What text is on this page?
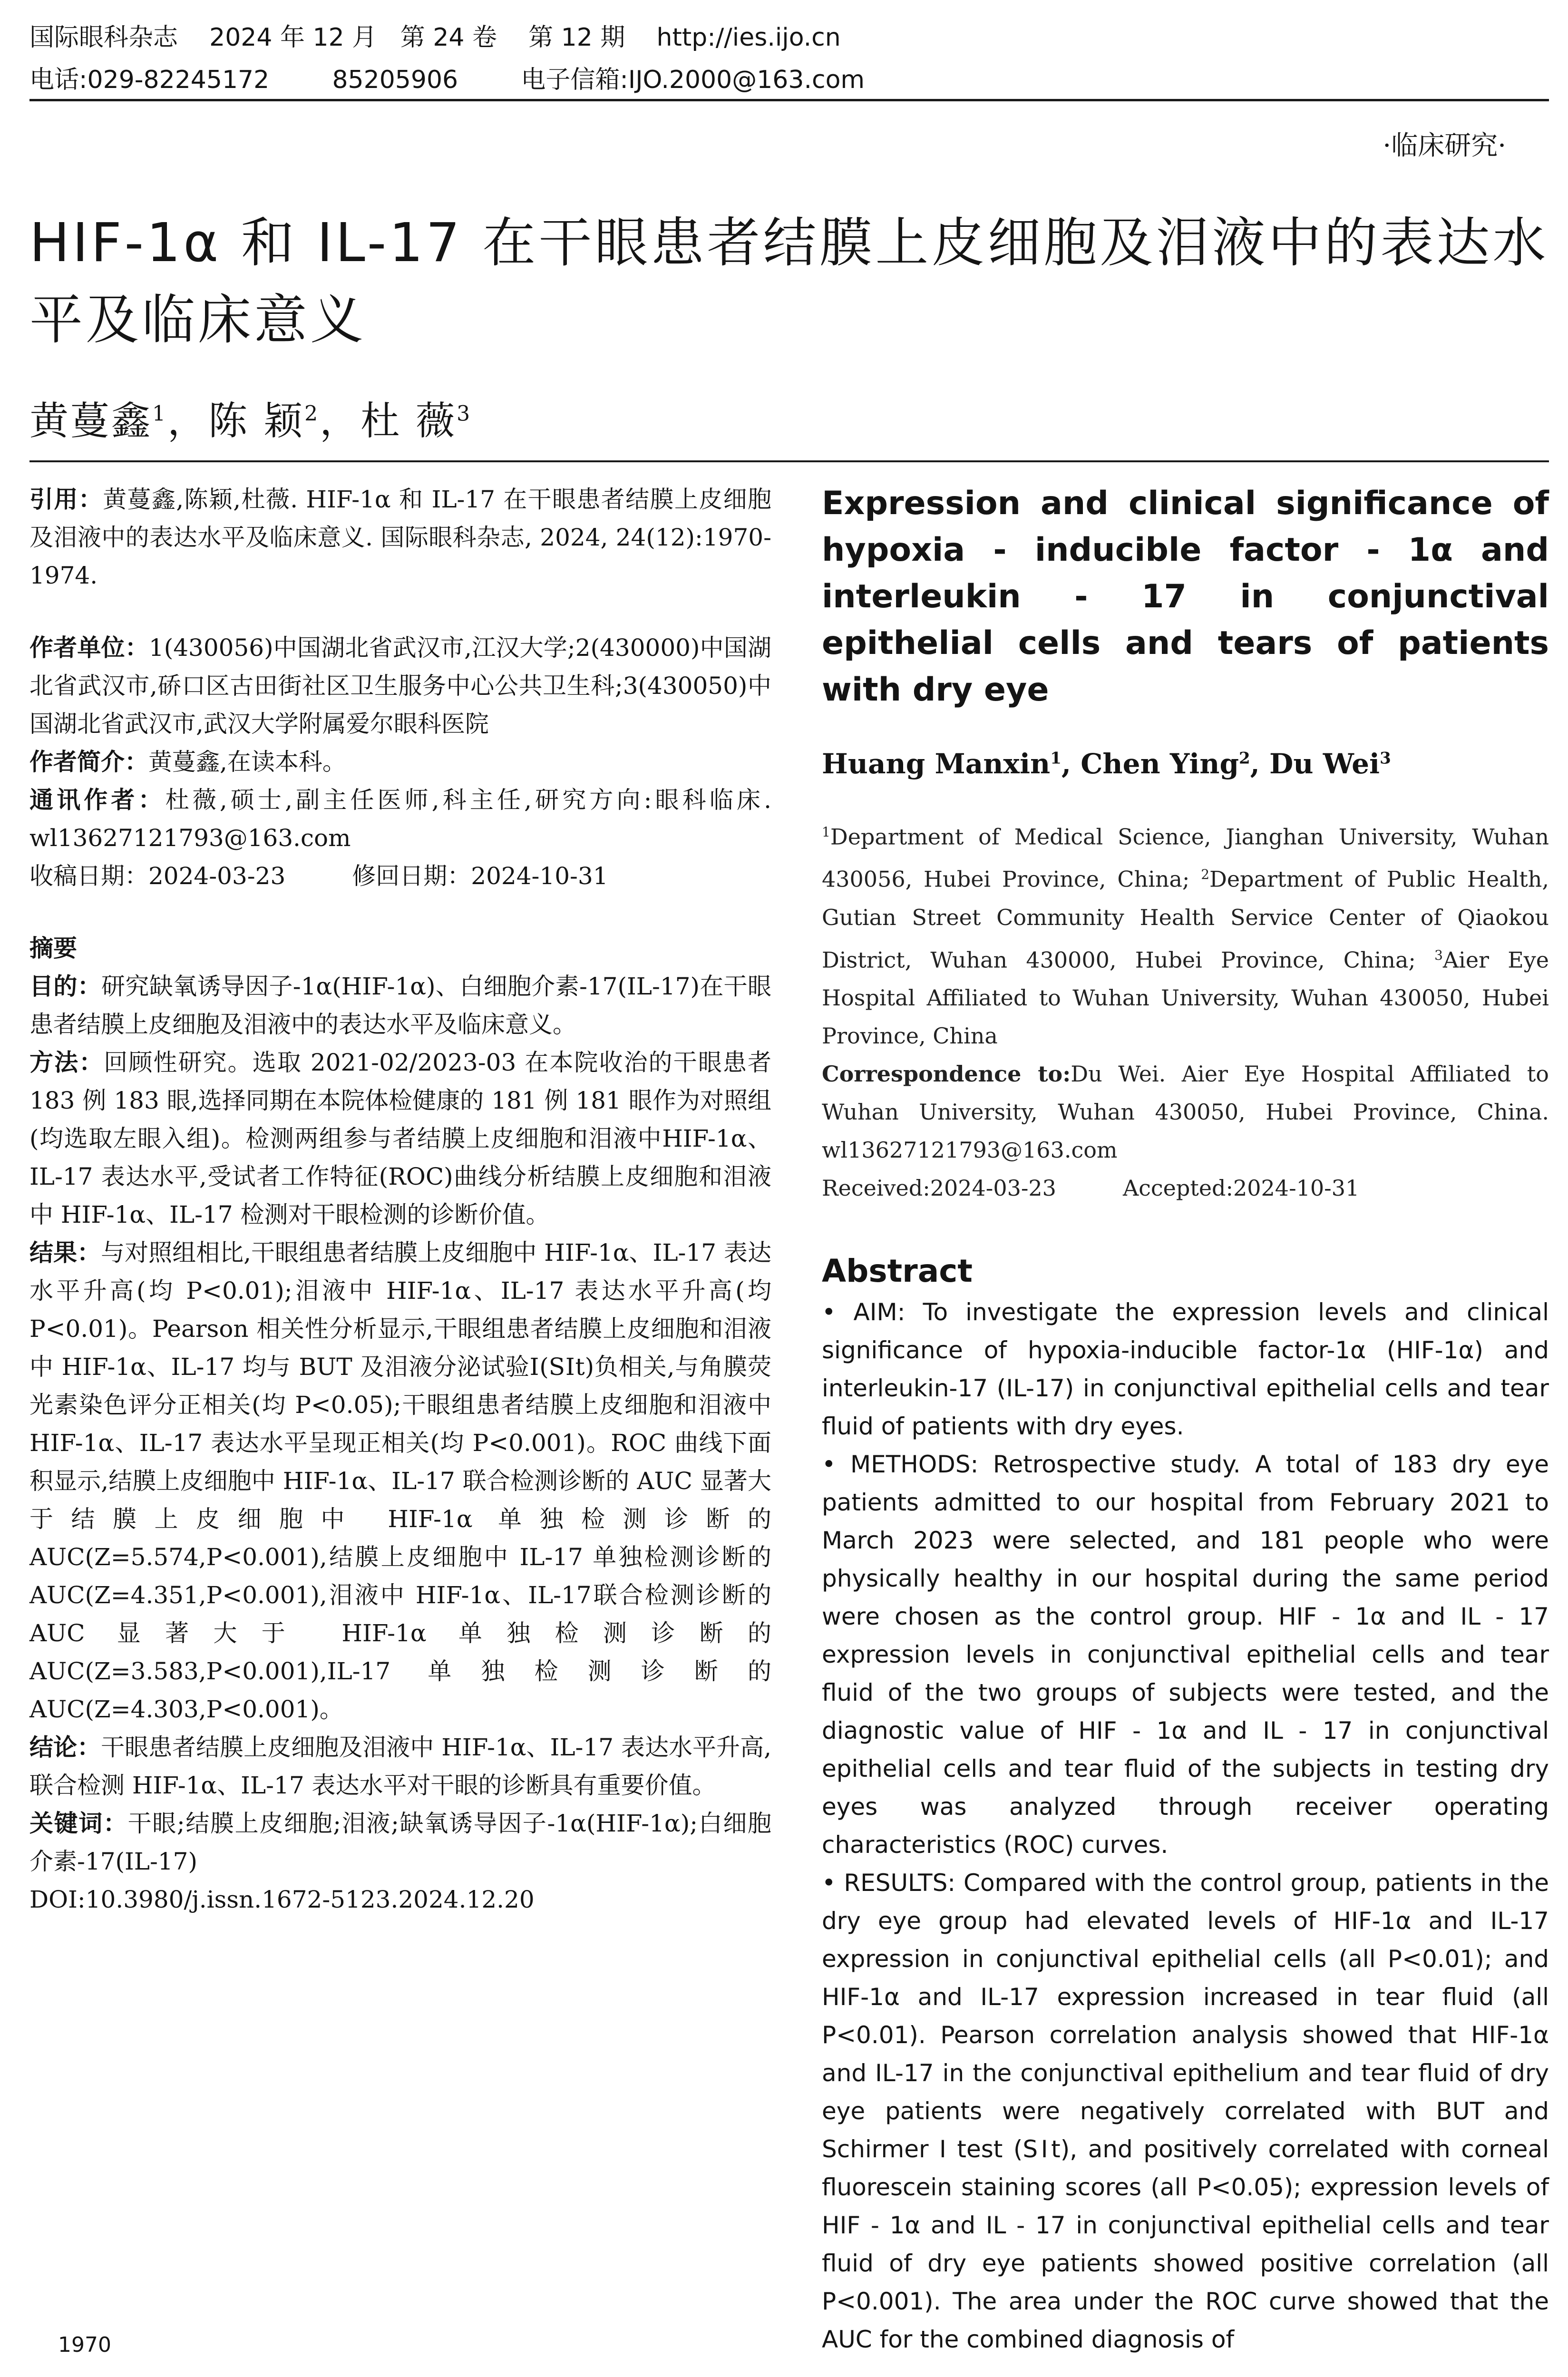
国际眼科杂志    2024 年 12 月   第 24 卷    第 12 期    http://ies.ijo.cn
电话:029-82245172        85205906        电子信箱:IJO.2000@163.com
·临床研究·
HIF-1α 和 IL-17 在干眼患者结膜上皮细胞及泪液中的表达水平及临床意义
黄蔓鑫$^1$，陈 颖$^2$，杜 薇$^3$

引用：黄蔓鑫,陈颖,杜薇. HIF-1α 和 IL-17 在干眼患者结膜上皮细胞及泪液中的表达水平及临床意义. 国际眼科杂志, 2024, 24(12):1970-1974.

作者单位：1(430056)中国湖北省武汉市,江汉大学;2(430000)中国湖北省武汉市,硚口区古田街社区卫生服务中心公共卫生科;3(430050)中国湖北省武汉市,武汉大学附属爱尔眼科医院

作者简介：黄蔓鑫,在读本科。

通讯作者：杜薇,硕士,副主任医师,科主任,研究方向:眼科临床. wl13627121793@163.com

收稿日期：2024-03-23	修回日期：2024-10-31

摘要

目的：研究缺氧诱导因子-1α(HIF-1α)、白细胞介素-17(IL-17)在干眼患者结膜上皮细胞及泪液中的表达水平及临床意义。

方法：回顾性研究。选取 2021-02/2023-03 在本院收治的干眼患者 183 例 183 眼,选择同期在本院体检健康的 181 例 181 眼作为对照组(均选取左眼入组)。检测两组参与者结膜上皮细胞和泪液中HIF-1α、IL-17 表达水平,受试者工作特征(ROC)曲线分析结膜上皮细胞和泪液中 HIF-1α、IL-17 检测对干眼检测的诊断价值。

结果：与对照组相比,干眼组患者结膜上皮细胞中 HIF-1α、IL-17 表达水平升高(均 P<0.01);泪液中 HIF-1α、IL-17 表达水平升高(均 P<0.01)。Pearson 相关性分析显示,干眼组患者结膜上皮细胞和泪液中 HIF-1α、IL-17 均与 BUT 及泪液分泌试验Ⅰ(SⅠt)负相关,与角膜荧光素染色评分正相关(均 P<0.05);干眼组患者结膜上皮细胞和泪液中 HIF-1α、IL-17 表达水平呈现正相关(均 P<0.001)。ROC 曲线下面积显示,结膜上皮细胞中 HIF-1α、IL-17 联合检测诊断的 AUC 显著大于结膜上皮细胞中 HIF-1α 单独检测诊断的 AUC(Z=5.574,P<0.001),结膜上皮细胞中 IL-17 单独检测诊断的 AUC(Z=4.351,P<0.001),泪液中 HIF-1α、IL-17联合检测诊断的 AUC 显著大于 HIF-1α 单独检测诊断的 AUC(Z=3.583,P<0.001),IL-17 单独检测诊断的 AUC(Z=4.303,P<0.001)。

结论：干眼患者结膜上皮细胞及泪液中 HIF-1α、IL-17 表达水平升高,联合检测 HIF-1α、IL-17 表达水平对干眼的诊断具有重要价值。

关键词：干眼;结膜上皮细胞;泪液;缺氧诱导因子-1α(HIF-1α);白细胞介素-17(IL-17)

DOI:10.3980/j.issn.1672-5123.2024.12.20

Expression and clinical significance of hypoxia - inducible factor - 1α and interleukin - 17 in conjunctival epithelial cells and tears of patients with dry eye

Huang Manxin$^1$, Chen Ying$^2$, Du Wei$^3$

$^1$Department of Medical Science, Jianghan University, Wuhan 430056, Hubei Province, China; $^2$Department of Public Health, Gutian Street Community Health Service Center of Qiaokou District, Wuhan 430000, Hubei Province, China; $^3$Aier Eye Hospital Affiliated to Wuhan University, Wuhan 430050, Hubei Province, China

Correspondence to:Du Wei. Aier Eye Hospital Affiliated to Wuhan University, Wuhan 430050, Hubei Province, China. wl13627121793@163.com

Received:2024-03-23	Accepted:2024-10-31

Abstract

• AIM: To investigate the expression levels and clinical significance of hypoxia-inducible factor-1α (HIF-1α) and interleukin-17 (IL-17) in conjunctival epithelial cells and tear fluid of patients with dry eyes.

• METHODS: Retrospective study. A total of 183 dry eye patients admitted to our hospital from February 2021 to March 2023 were selected, and 181 people who were physically healthy in our hospital during the same period were chosen as the control group. HIF - 1α and IL - 17 expression levels in conjunctival epithelial cells and tear fluid of the two groups of subjects were tested, and the diagnostic value of HIF - 1α and IL - 17 in conjunctival epithelial cells and tear fluid of the subjects in testing dry eyes was analyzed through receiver operating characteristics (ROC) curves.

• RESULTS: Compared with the control group, patients in the dry eye group had elevated levels of HIF-1α and IL-17 expression in conjunctival epithelial cells (all P<0.01); and HIF-1α and IL-17 expression increased in tear fluid (all P<0.01). Pearson correlation analysis showed that HIF-1α and IL-17 in the conjunctival epithelium and tear fluid of dry eye patients were negatively correlated with BUT and Schirmer I test (SⅠt), and positively correlated with corneal fluorescein staining scores (all P<0.05); expression levels of HIF - 1α and IL - 17 in conjunctival epithelial cells and tear fluid of dry eye patients showed positive correlation (all P<0.001). The area under the ROC curve showed that the AUC for the combined diagnosis of

1970
